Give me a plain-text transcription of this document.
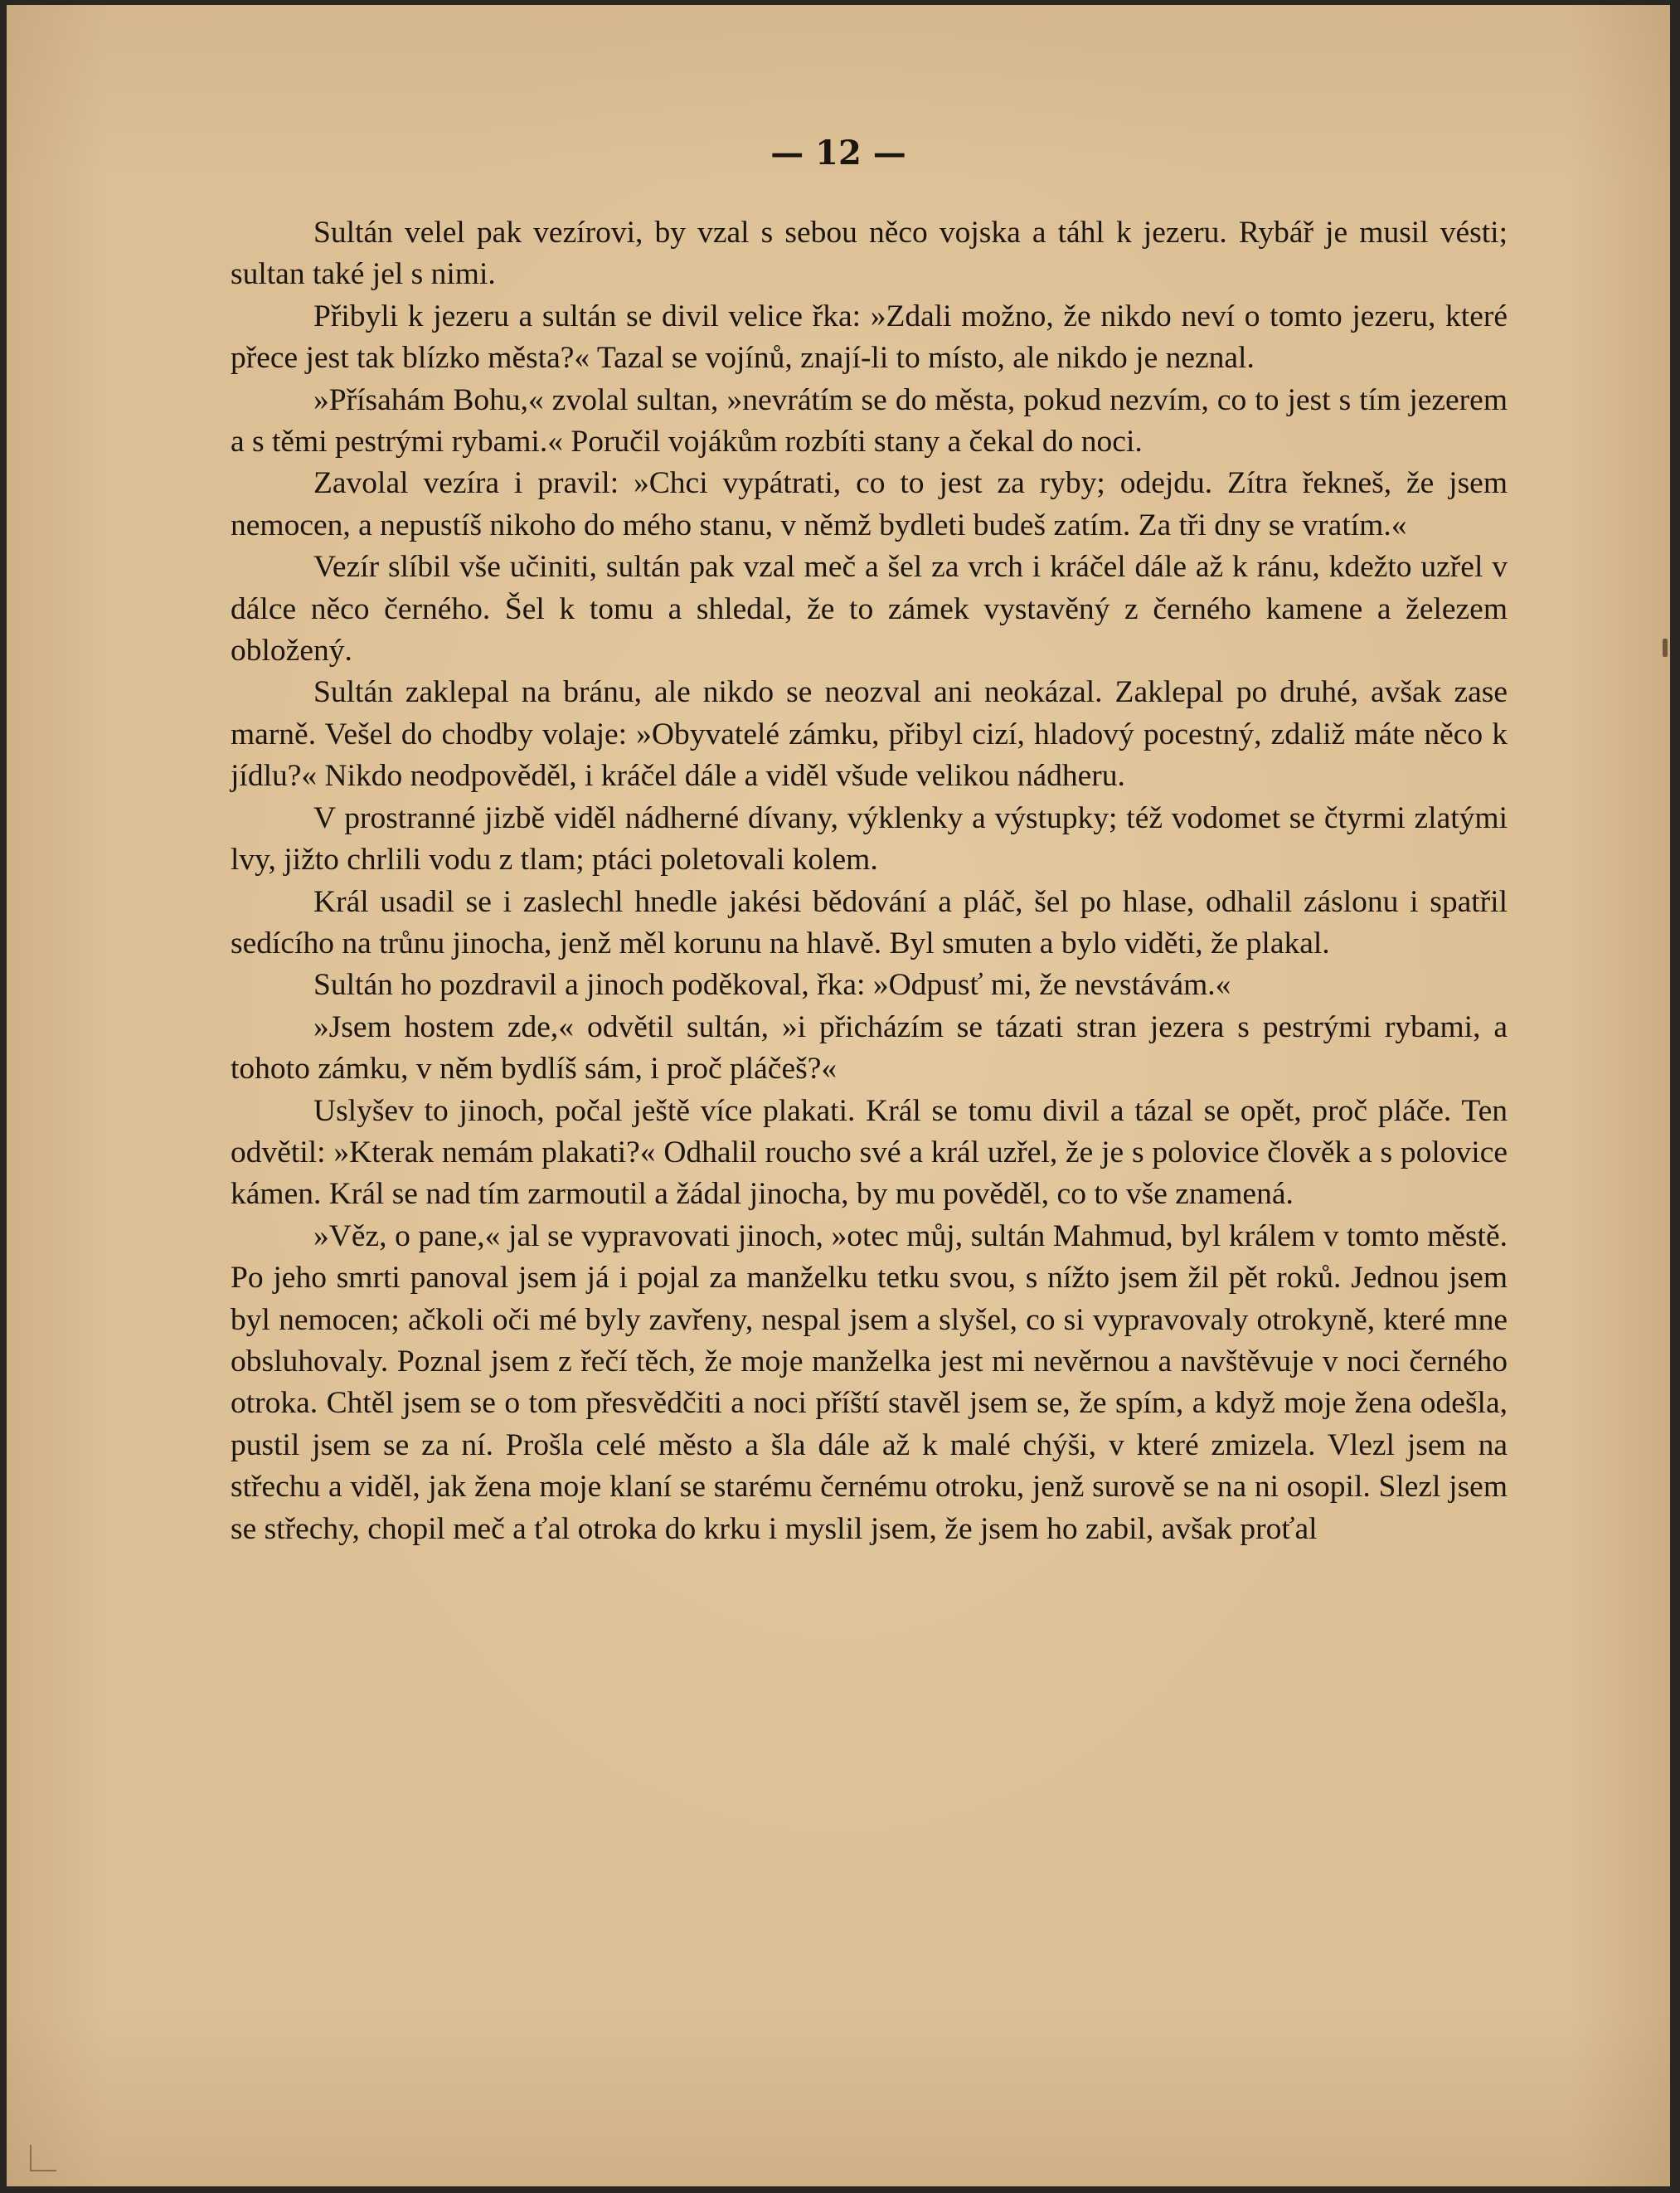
— 12 —

Sultán velel pak vezírovi, by vzal s sebou něco vojska a táhl k jezeru. Rybář je musil vésti; sultan také jel s nimi.

Přibyli k jezeru a sultán se divil velice řka: »Zdali možno, že nikdo neví o tomto jezeru, které přece jest tak blízko města?« Tazal se vojínů, znají-li to místo, ale nikdo je neznal.

»Přísahám Bohu,« zvolal sultan, »nevrátím se do města, pokud nezvím, co to jest s tím jezerem a s těmi pestrými rybami.« Poručil vojákům rozbíti stany a čekal do noci.

Zavolal vezíra i pravil: »Chci vypátrati, co to jest za ryby; odejdu. Zítra řekneš, že jsem nemocen, a nepustíš nikoho do mého stanu, v němž bydleti budeš zatím. Za tři dny se vratím.«

Vezír slíbil vše učiniti, sultán pak vzal meč a šel za vrch i kráčel dále až k ránu, kdežto uzřel v dálce něco černého. Šel k tomu a shledal, že to zámek vystavěný z černého kamene a železem obložený.

Sultán zaklepal na bránu, ale nikdo se neozval ani neokázal. Zaklepal po druhé, avšak zase marně. Vešel do chodby volaje: »Obyvatelé zámku, přibyl cizí, hladový pocestný, zdaliž máte něco k jídlu?« Nikdo neodpověděl, i kráčel dále a viděl všude velikou nádheru.

V prostranné jizbě viděl nádherné dívany, výklenky a výstupky; též vodomet se čtyrmi zlatými lvy, jižto chrlili vodu z tlam; ptáci poletovali kolem.

Král usadil se i zaslechl hnedle jakési bědování a pláč, šel po hlase, odhalil záslonu i spatřil sedícího na trůnu jinocha, jenž měl korunu na hlavě. Byl smuten a bylo viděti, že plakal.

Sultán ho pozdravil a jinoch poděkoval, řka: »Odpusť mi, že nevstávám.«

»Jsem hostem zde,« odvětil sultán, »i přicházím se tázati stran jezera s pestrými rybami, a tohoto zámku, v něm bydlíš sám, i proč pláčeš?«

Uslyšev to jinoch, počal ještě více plakati. Král se tomu divil a tázal se opět, proč pláče. Ten odvětil: »Kterak nemám plakati?« Odhalil roucho své a král uzřel, že je s polovice člověk a s polovice kámen. Král se nad tím zarmoutil a žádal jinocha, by mu pověděl, co to vše znamená.

»Věz, o pane,« jal se vypravovati jinoch, »otec můj, sultán Mahmud, byl králem v tomto městě. Po jeho smrti panoval jsem já i pojal za manželku tetku svou, s nížto jsem žil pět roků. Jednou jsem byl nemocen; ačkoli oči mé byly zavřeny, nespal jsem a slyšel, co si vypravovaly otrokyně, které mne obsluhovaly. Poznal jsem z řečí těch, že moje manželka jest mi nevěrnou a navštěvuje v noci černého otroka. Chtěl jsem se o tom přesvědčiti a noci příští stavěl jsem se, že spím, a když moje žena odešla, pustil jsem se za ní. Prošla celé město a šla dále až k malé chýši, v které zmizela. Vlezl jsem na střechu a viděl, jak žena moje klaní se starému černému otroku, jenž surově se na ni osopil. Slezl jsem se střechy, chopil meč a ťal otroka do krku i myslil jsem, že jsem ho zabil, avšak proťal
